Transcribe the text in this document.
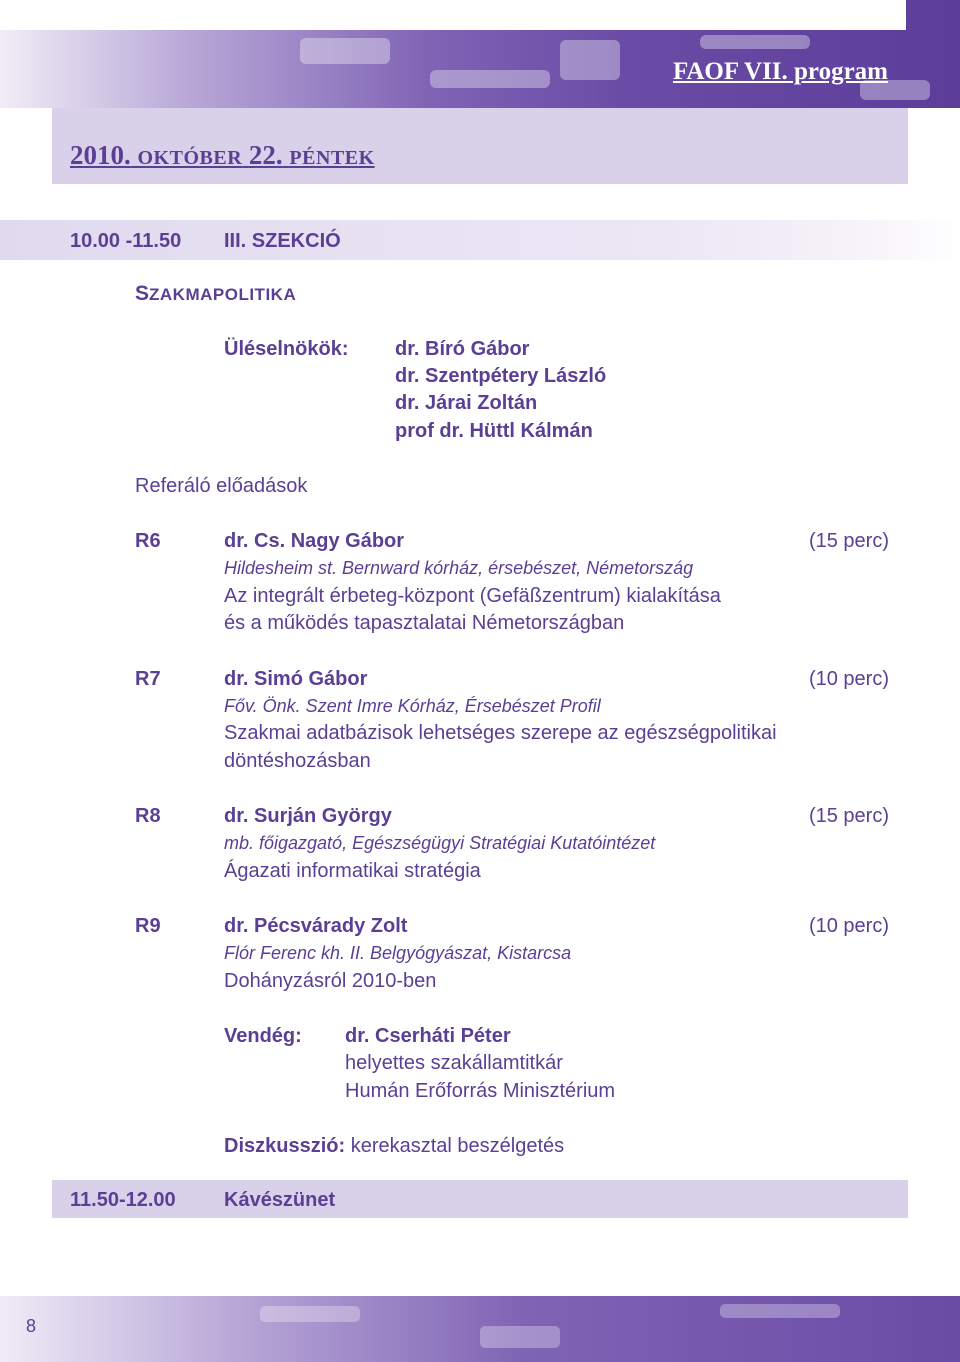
FAOF VII. program
2010. OKTÓBER 22. PÉNTEK
10.00 -11.50 III. SZEKCIÓ
SZAKMAPOLITIKA
Üléselnökök: dr. Bíró Gábor
dr. Szentpétery László
dr. Járai Zoltán
prof dr. Hüttl Kálmán
Referáló előadások
R6	dr. Cs. Nagy Gábor	(15 perc)
Hildesheim st. Bernward kórház, érsebészet, Németország
Az integrált érbeteg-központ (Gefäßzentrum) kialakítása
és a működés tapasztalatai Németországban
R7	dr. Simó Gábor	(10 perc)
Főv. Önk. Szent Imre Kórház, Érsebészet Profil
Szakmai adatbázisok lehetséges szerepe az egészségpolitikai
döntéshozásban
R8	dr. Surján György	(15 perc)
mb. főigazgató, Egészségügyi Stratégiai Kutatóintézet
Ágazati informatikai stratégia
R9	dr. Pécsvárady Zolt	(10 perc)
Flór Ferenc kh. II. Belgyógyászat, Kistarcsa
Dohányzásról 2010-ben
Vendég: dr. Cserháti Péter
helyettes szakállamtitkár
Humán Erőforrás Minisztérium
Diszkusszió: kerekasztal beszélgetés
11.50-12.00 Kávészünet
8
